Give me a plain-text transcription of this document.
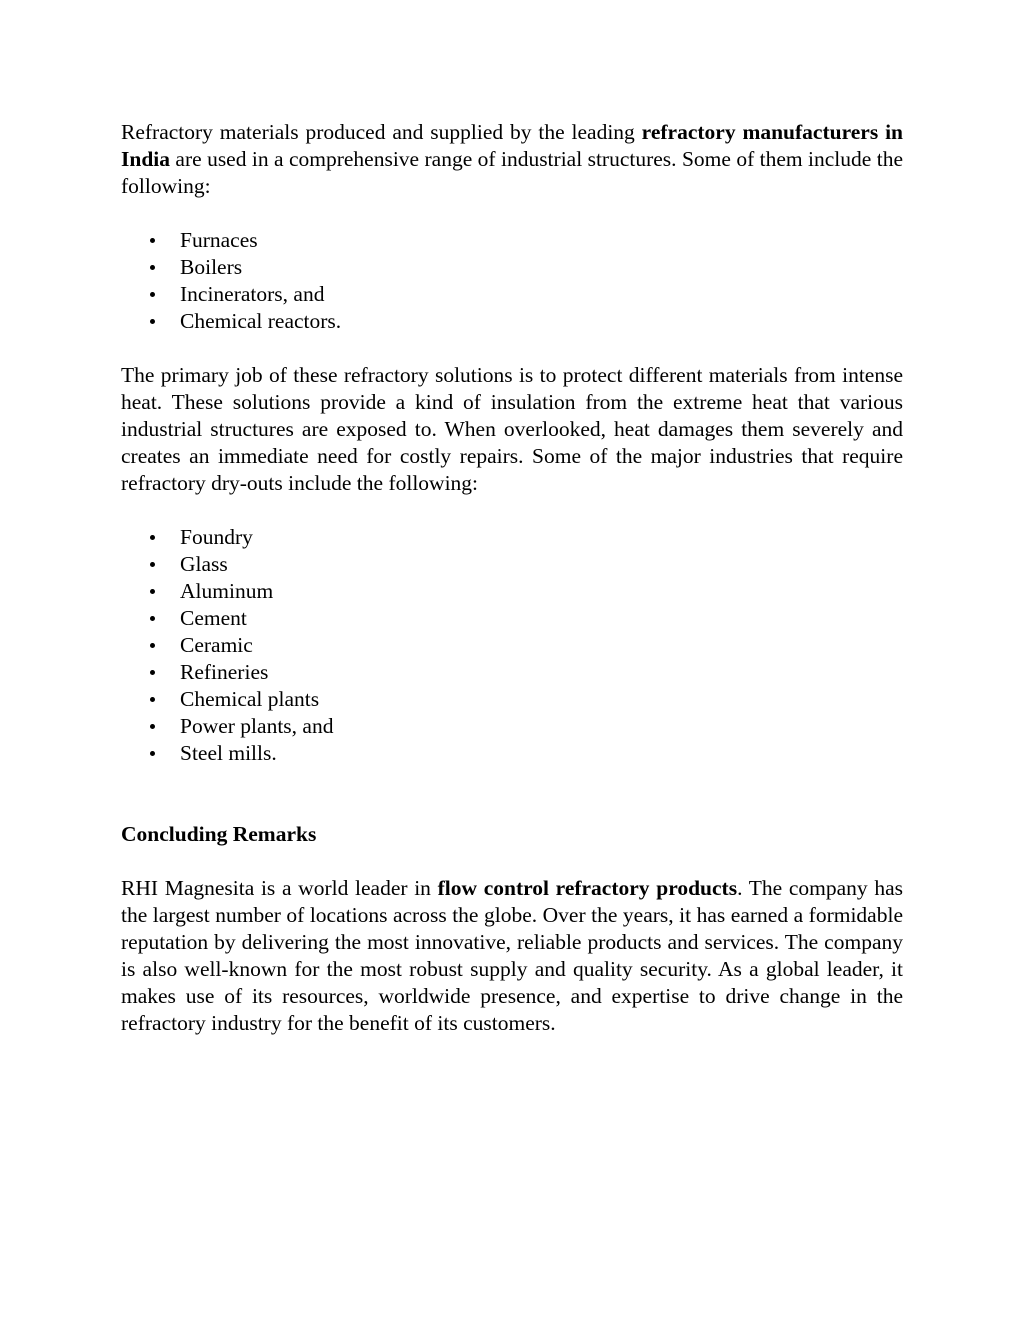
Refractory materials produced and supplied by the leading refractory manufacturers in India are used in a comprehensive range of industrial structures. Some of them include the following:

Furnaces
Boilers
Incinerators, and
Chemical reactors.

The primary job of these refractory solutions is to protect different materials from intense heat. These solutions provide a kind of insulation from the extreme heat that various industrial structures are exposed to. When overlooked, heat damages them severely and creates an immediate need for costly repairs. Some of the major industries that require refractory dry-outs include the following:

Foundry
Glass
Aluminum
Cement
Ceramic
Refineries
Chemical plants
Power plants, and
Steel mills.

Concluding Remarks

RHI Magnesita is a world leader in flow control refractory products. The company has the largest number of locations across the globe. Over the years, it has earned a formidable reputation by delivering the most innovative, reliable products and services. The company is also well-known for the most robust supply and quality security. As a global leader, it makes use of its resources, worldwide presence, and expertise to drive change in the refractory industry for the benefit of its customers.
